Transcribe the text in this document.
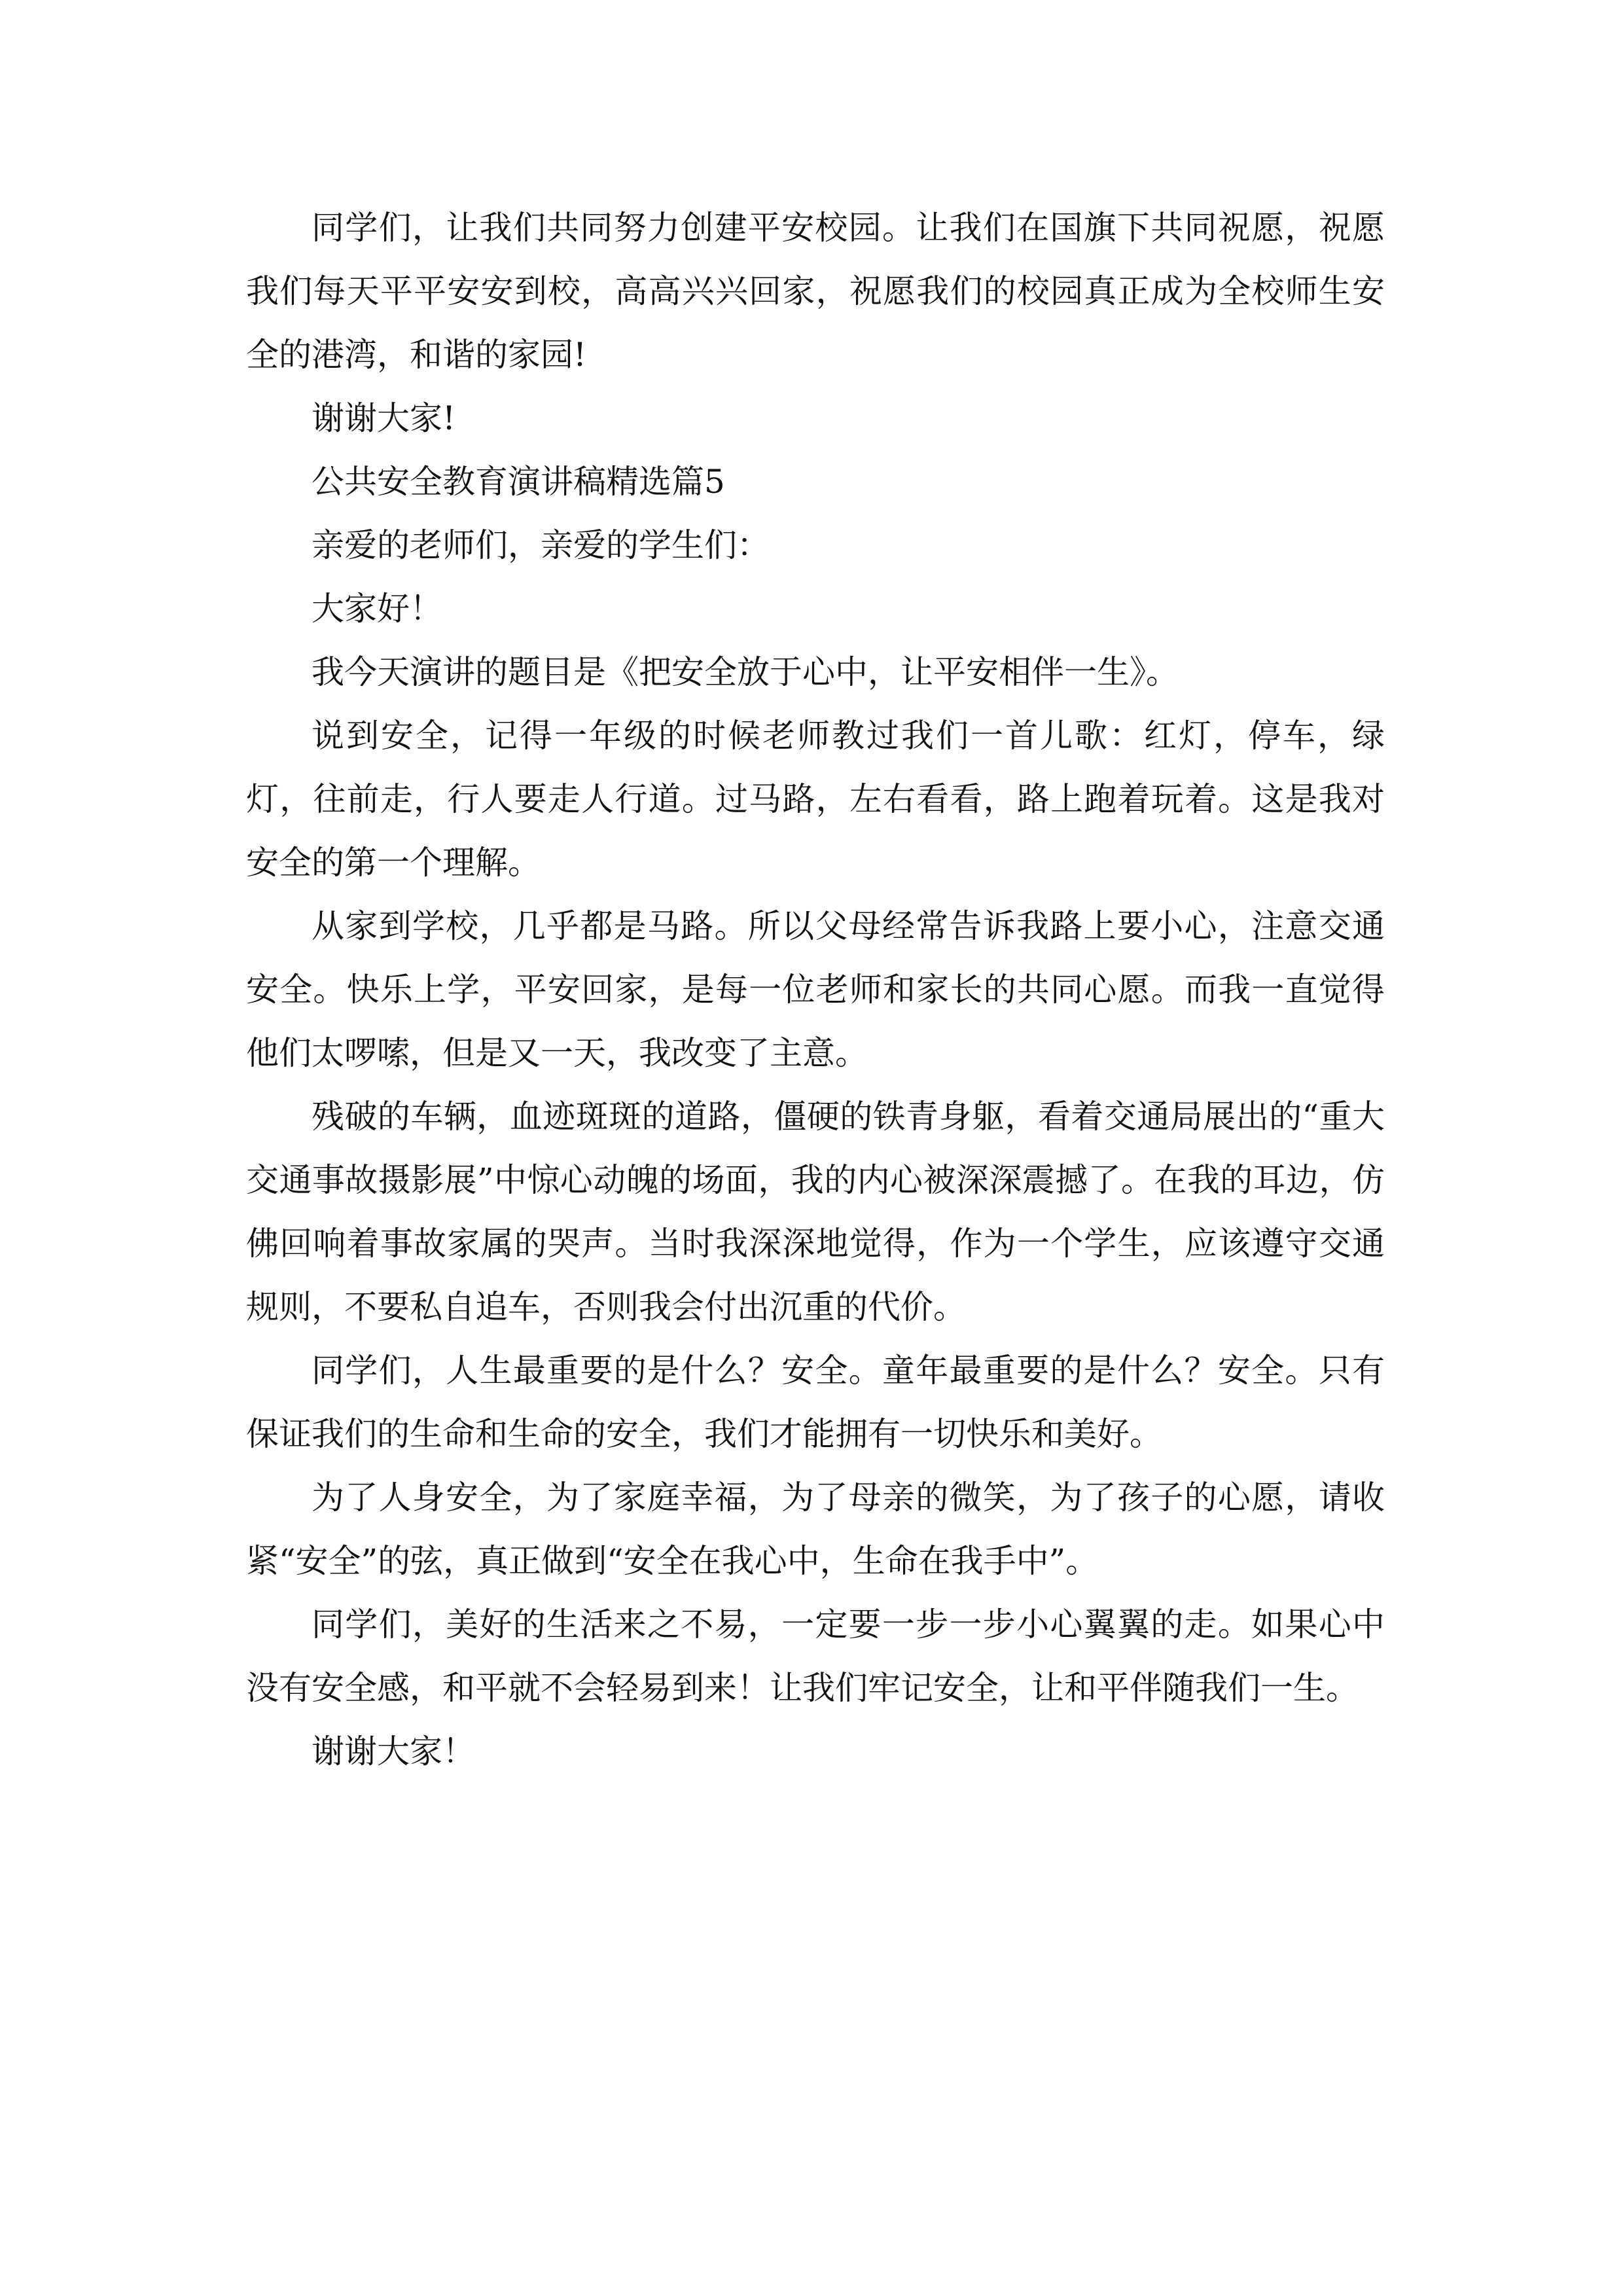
同学们，让我们共同努力创建平安校园。让我们在国旗下共同祝愿，祝愿我们每天平平安安到校，高高兴兴回家，祝愿我们的校园真正成为全校师生安全的港湾，和谐的家园!

谢谢大家!

公共安全教育演讲稿精选篇5

亲爱的老师们，亲爱的学生们：

大家好！

我今天演讲的题目是《把安全放于心中，让平安相伴一生》。

说到安全，记得一年级的时候老师教过我们一首儿歌：红灯，停车，绿灯，往前走，行人要走人行道。过马路，左右看看，路上跑着玩着。这是我对安全的第一个理解。

从家到学校，几乎都是马路。所以父母经常告诉我路上要小心，注意交通安全。快乐上学，平安回家，是每一位老师和家长的共同心愿。而我一直觉得他们太啰嗦，但是又一天，我改变了主意。

残破的车辆，血迹斑斑的道路，僵硬的铁青身躯，看着交通局展出的“重大交通事故摄影展”中惊心动魄的场面，我的内心被深深震撼了。在我的耳边，仿佛回响着事故家属的哭声。当时我深深地觉得，作为一个学生，应该遵守交通规则，不要私自追车，否则我会付出沉重的代价。

同学们，人生最重要的是什么？安全。童年最重要的是什么？安全。只有保证我们的生命和生命的安全，我们才能拥有一切快乐和美好。

为了人身安全，为了家庭幸福，为了母亲的微笑，为了孩子的心愿，请收紧“安全”的弦，真正做到“安全在我心中，生命在我手中”。

同学们，美好的生活来之不易，一定要一步一步小心翼翼的走。如果心中没有安全感，和平就不会轻易到来！让我们牢记安全，让和平伴随我们一生。

谢谢大家！
